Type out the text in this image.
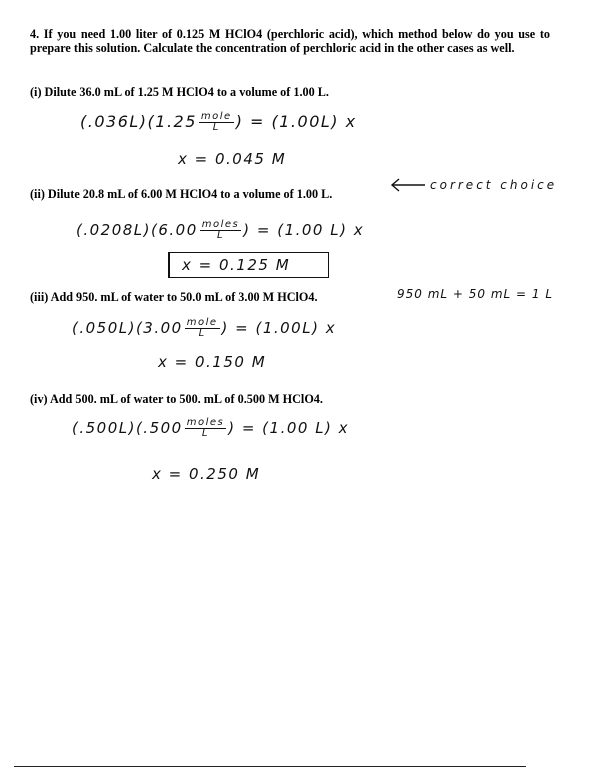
4. If you need 1.00 liter of 0.125 M HClO4 (perchloric acid), which method below do you use to prepare this solution. Calculate the concentration of perchloric acid in the other cases as well.
(i) Dilute 36.0 mL of 1.25 M HClO4 to a volume of 1.00 L.
$(.036L)(1.25 \frac{\text{mole}}{L}$ ) = (1.00L) x
x = 0.045 M
(ii) Dilute 20.8 mL of 6.00 M HClO4 to a volume of 1.00 L.
correct choice
$(.0208L)(6.00 \frac{\text{moles}}{L}$ ) = (1.00 L) x
x = 0.125 M
(iii) Add 950. mL of water to 50.0 mL of 3.00 M HClO4.	950 mL + 50 mL = 1 L
$(.050L)(3.00 \frac{\text{mole}}{L}$ ) = (1.00L) x
x = 0.150 M
(iv) Add 500. mL of water to 500. mL of 0.500 M HClO4.
$(.500L)(.500 \frac{\text{moles}}{L}$ ) = (1.00 L) x
x = 0.250 M
